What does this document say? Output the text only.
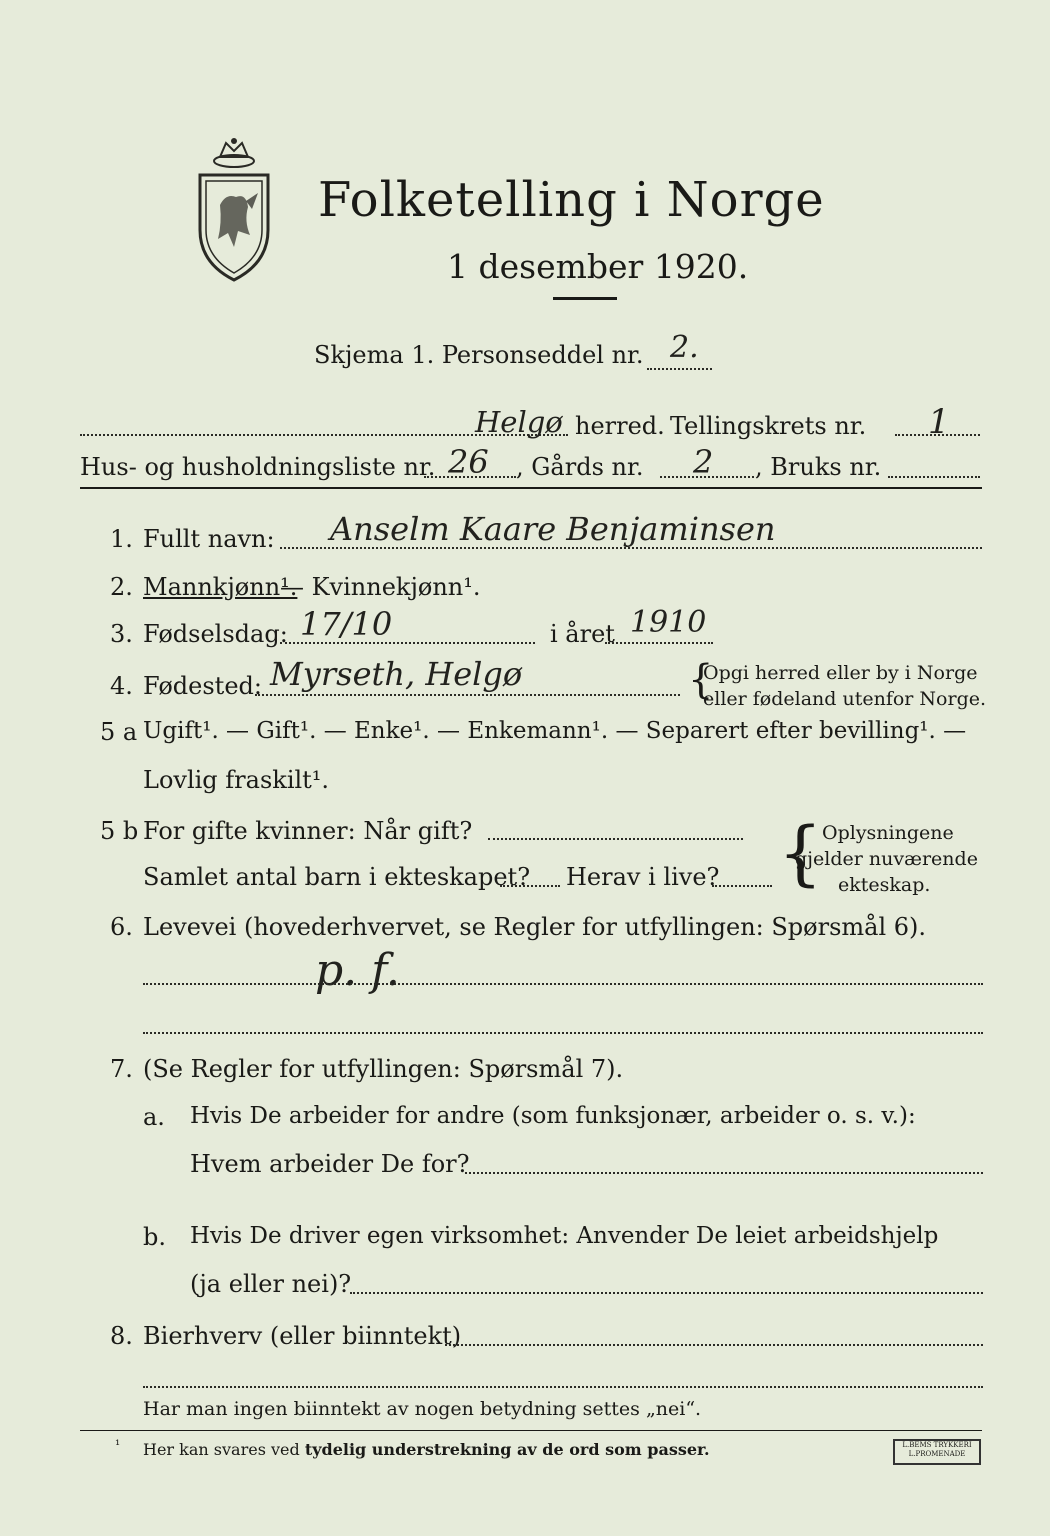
Folketelling i Norge
1 desember 1920.
Skjema 1. Personseddel nr. 2.
Helgø herred. Tellingskrets nr. 1
Hus- og husholdningsliste nr. 26 , Gårds nr. 2 , Bruks nr.
1. Fullt navn: Anselm Kaare Benjaminsen
2. Mannkjønn¹.
— Kvinnekjønn¹.
3. Fødselsdag: 17/10	i året 1910
4. Fødested: Myrseth, Helgø	{
Opgi herred eller by i Norge
eller fødeland utenfor Norge.
5 a Ugift¹. — Gift¹. — Enke¹. — Enkemann¹. — Separert efter bevilling¹. —
Lovlig fraskilt¹.
5 b For gifte kvinner: Når gift?
Samlet antal barn i ekteskapet? Herav i live? { Oplysningene
gjelder nuværende
ekteskap.
6. Levevei (hovederhvervet, se Regler for utfyllingen: Spørsmål 6).
p. f.
7. (Se Regler for utfyllingen: Spørsmål 7).
a. Hvis De arbeider for andre (som funksjonær, arbeider o. s. v.):
Hvem arbeider De for?
b. Hvis De driver egen virksomhet: Anvender De leiet arbeidshjelp
(ja eller nei)?
8. Bierhverv (eller biinntekt)
Har man ingen biinntekt av nogen betydning settes „nei“.
¹ Her kan svares ved tydelig understrekning av de ord som passer.	L.BEMS TRYKKERI L.PROMENADE
